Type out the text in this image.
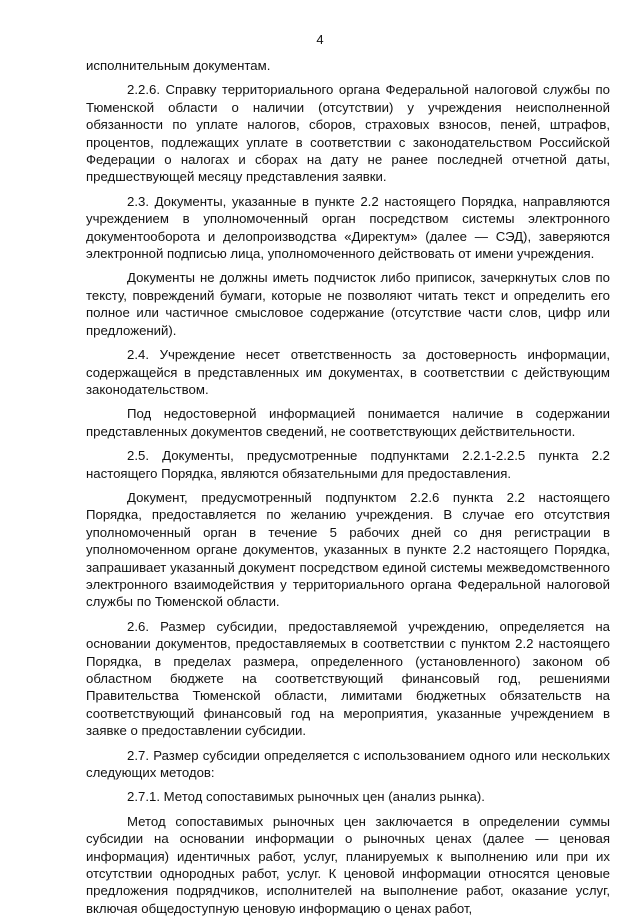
4

исполнительным документам.

2.2.6. Справку территориального органа Федеральной налоговой службы по Тюменской области о наличии (отсутствии) у учреждения неисполненной обязанности по уплате налогов, сборов, страховых взносов, пеней, штрафов, процентов, подлежащих уплате в соответствии с законодательством Российской Федерации о налогах и сборах на дату не ранее последней отчетной даты, предшествующей месяцу представления заявки.

2.3. Документы, указанные в пункте 2.2 настоящего Порядка, направляются учреждением в уполномоченный орган посредством системы электронного документооборота и делопроизводства «Директум» (далее — СЭД), заверяются электронной подписью лица, уполномоченного действовать от имени учреждения.

Документы не должны иметь подчисток либо приписок, зачеркнутых слов по тексту, повреждений бумаги, которые не позволяют читать текст и определить его полное или частичное смысловое содержание (отсутствие части слов, цифр или предложений).

2.4. Учреждение несет ответственность за достоверность информации, содержащейся в представленных им документах, в соответствии с действующим законодательством.

Под недостоверной информацией понимается наличие в содержании представленных документов сведений, не соответствующих действительности.

2.5. Документы, предусмотренные подпунктами 2.2.1-2.2.5 пункта 2.2 настоящего Порядка, являются обязательными для предоставления.

Документ, предусмотренный подпунктом 2.2.6 пункта 2.2 настоящего Порядка, предоставляется по желанию учреждения. В случае его отсутствия уполномоченный орган в течение 5 рабочих дней со дня регистрации в уполномоченном органе документов, указанных в пункте 2.2 настоящего Порядка, запрашивает указанный документ посредством единой системы межведомственного электронного взаимодействия у территориального органа Федеральной налоговой службы по Тюменской области.

2.6. Размер субсидии, предоставляемой учреждению, определяется на основании документов, предоставляемых в соответствии с пунктом 2.2 настоящего Порядка, в пределах размера, определенного (установленного) законом об областном бюджете на соответствующий финансовый год, решениями Правительства Тюменской области, лимитами бюджетных обязательств на соответствующий финансовый год на мероприятия, указанные учреждением в заявке о предоставлении субсидии.

2.7. Размер субсидии определяется с использованием одного или нескольких следующих методов:

2.7.1. Метод сопоставимых рыночных цен (анализ рынка).

Метод сопоставимых рыночных цен заключается в определении суммы субсидии на основании информации о рыночных ценах (далее — ценовая информация) идентичных работ, услуг, планируемых к выполнению или при их отсутствии однородных работ, услуг. К ценовой информации относятся ценовые предложения подрядчиков, исполнителей на выполнение работ, оказание услуг, включая общедоступную ценовую информацию о ценах работ,
